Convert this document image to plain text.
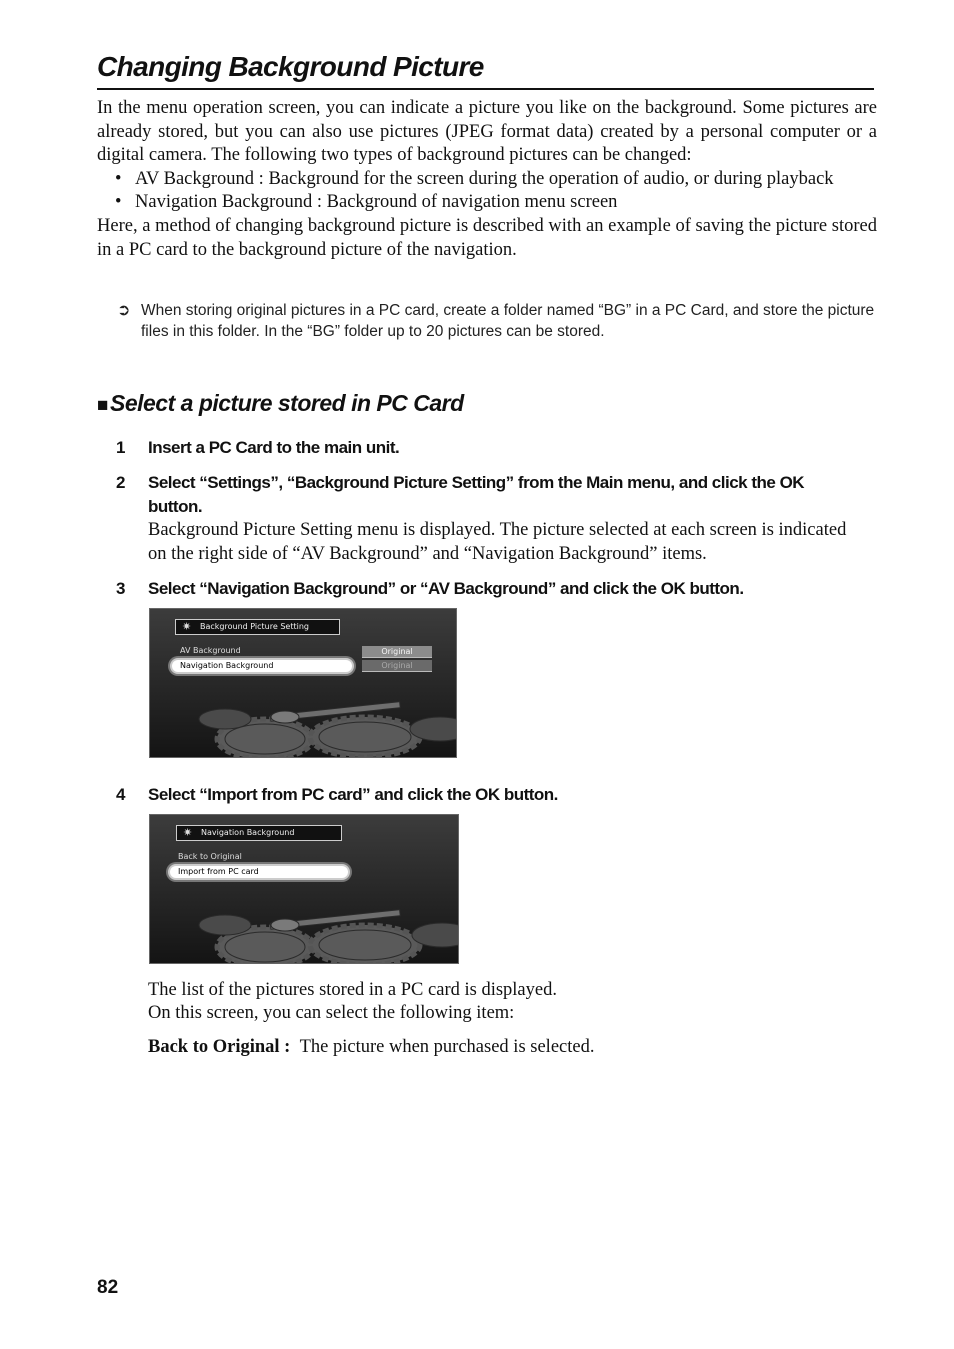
Changing Background Picture

In the menu operation screen, you can indicate a picture you like on the background. Some pictures are already stored, but you can also use pictures (JPEG format data) created by a personal computer or a digital camera. The following two types of background pictures can be changed:

• AV Background : Background for the screen during the operation of audio, or during playback

• Navigation Background : Background of navigation menu screen

Here, a method of changing background picture is described with an example of saving the picture stored in a PC card to the background picture of the navigation.

➲ When storing original pictures in a PC card, create a folder named “BG” in a PC Card, and store the picture files in this folder. In the “BG” folder up to 20 pictures can be stored.
■Select a picture stored in PC Card
1 Insert a PC Card to the main unit.
2 Select “Settings”, “Background Picture Setting” from the Main menu, and click the OK button.
Background Picture Setting menu is displayed. The picture selected at each screen is indicated on the right side of “AV Background” and “Navigation Background” items.
3 Select “Navigation Background” or “AV Background” and click the OK button.
✷ Background Picture Setting
AV Background
Navigation Background
Original
Original
4 Select “Import from PC card” and click the OK button.
✷ Navigation Background
Back to Original
Import from PC card
The list of the pictures stored in a PC card is displayed.
On this screen, you can select the following item:
Back to Original : The picture when purchased is selected.
82
